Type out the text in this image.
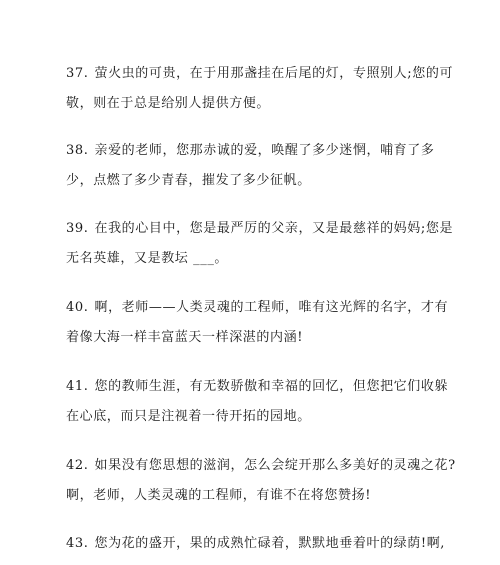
37. 萤火虫的可贵，在于用那盏挂在后尾的灯，专照别人;您的可
敬，则在于总是给别人提供方便。

38. 亲爱的老师，您那赤诚的爱，唤醒了多少迷惘，哺育了多
少，点燃了多少青春，摧发了多少征帆。

39. 在我的心目中，您是最严厉的父亲，又是最慈祥的妈妈;您是
无名英雄，又是教坛 ___。

40. 啊，老师——人类灵魂的工程师，唯有这光辉的名字，才有
着像大海一样丰富蓝天一样深湛的内涵!

41. 您的教师生涯，有无数骄傲和幸福的回忆，但您把它们收躲
在心底，而只是注视着一待开拓的园地。

42. 如果没有您思想的滋润，怎么会绽开那么多美好的灵魂之花?
啊，老师，人类灵魂的工程师，有谁不在将您赞扬!

43. 您为花的盛开，果的成熟忙碌着，默默地垂着叶的绿荫!啊,
